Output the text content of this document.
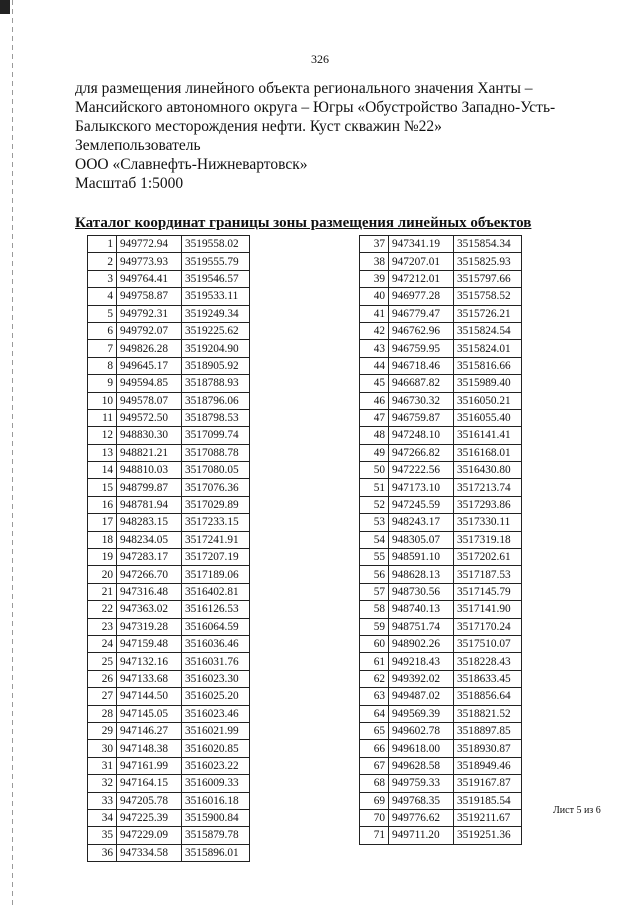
326
для размещения линейного объекта регионального значения Ханты –
Мансийского автономного округа – Югры «Обустройство Западно-Усть-
Балыкского месторождения нефти. Куст скважин №22»
Землепользователь
ООО «Славнефть-Нижневартовск»
Масштаб 1:5000
Каталог координат границы зоны размещения линейных объектов
1	949772.94	3519558.02
2	949773.93	3519555.79
3	949764.41	3519546.57
4	949758.87	3519533.11
5	949792.31	3519249.34
6	949792.07	3519225.62
7	949826.28	3519204.90
8	949645.17	3518905.92
9	949594.85	3518788.93
10	949578.07	3518796.06
11	949572.50	3518798.53
12	948830.30	3517099.74
13	948821.21	3517088.78
14	948810.03	3517080.05
15	948799.87	3517076.36
16	948781.94	3517029.89
17	948283.15	3517233.15
18	948234.05	3517241.91
19	947283.17	3517207.19
20	947266.70	3517189.06
21	947316.48	3516402.81
22	947363.02	3516126.53
23	947319.28	3516064.59
24	947159.48	3516036.46
25	947132.16	3516031.76
26	947133.68	3516023.30
27	947144.50	3516025.20
28	947145.05	3516023.46
29	947146.27	3516021.99
30	947148.38	3516020.85
31	947161.99	3516023.22
32	947164.15	3516009.33
33	947205.78	3516016.18
34	947225.39	3515900.84
35	947229.09	3515879.78
36	947334.58	3515896.01
37	947341.19	3515854.34
38	947207.01	3515825.93
39	947212.01	3515797.66
40	946977.28	3515758.52
41	946779.47	3515726.21
42	946762.96	3515824.54
43	946759.95	3515824.01
44	946718.46	3515816.66
45	946687.82	3515989.40
46	946730.32	3516050.21
47	946759.87	3516055.40
48	947248.10	3516141.41
49	947266.82	3516168.01
50	947222.56	3516430.80
51	947173.10	3517213.74
52	947245.59	3517293.86
53	948243.17	3517330.11
54	948305.07	3517319.18
55	948591.10	3517202.61
56	948628.13	3517187.53
57	948730.56	3517145.79
58	948740.13	3517141.90
59	948751.74	3517170.24
60	948902.26	3517510.07
61	949218.43	3518228.43
62	949392.02	3518633.45
63	949487.02	3518856.64
64	949569.39	3518821.52
65	949602.78	3518897.85
66	949618.00	3518930.87
67	949628.58	3518949.46
68	949759.33	3519167.87
69	949768.35	3519185.54
70	949776.62	3519211.67
71	949711.20	3519251.36
Лист 5 из 6
